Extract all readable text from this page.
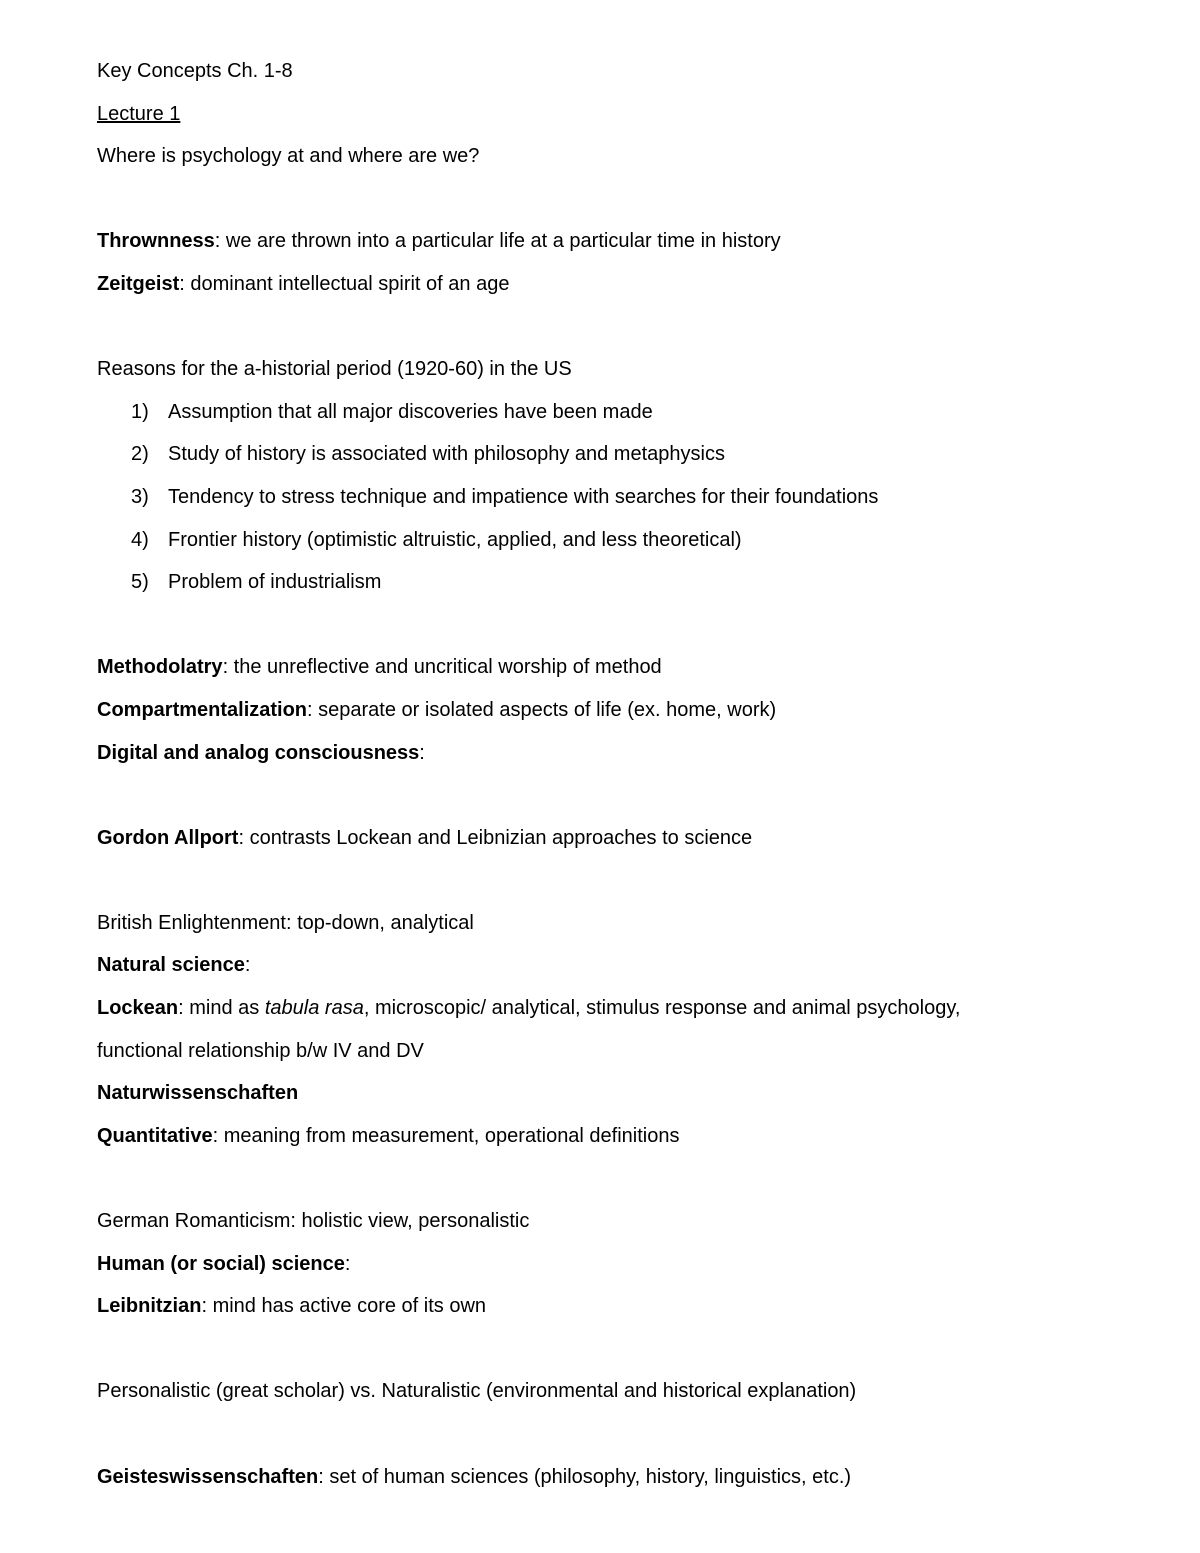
Key Concepts Ch. 1-8
Lecture 1
Where is psychology at and where are we?
Thrownness: we are thrown into a particular life at a particular time in history
Zeitgeist: dominant intellectual spirit of an age
Reasons for the a-historial period (1920-60) in the US
1) Assumption that all major discoveries have been made
2) Study of history is associated with philosophy and metaphysics
3) Tendency to stress technique and impatience with searches for their foundations
4) Frontier history (optimistic altruistic, applied, and less theoretical)
5) Problem of industrialism
Methodolatry: the unreflective and uncritical worship of method
Compartmentalization: separate or isolated aspects of life (ex. home, work)
Digital and analog consciousness:
Gordon Allport: contrasts Lockean and Leibnizian approaches to science
British Enlightenment: top-down, analytical
Natural science:
Lockean: mind as tabula rasa, microscopic/ analytical, stimulus response and animal psychology,
functional relationship b/w IV and DV
Naturwissenschaften
Quantitative: meaning from measurement, operational definitions
German Romanticism: holistic view, personalistic
Human (or social) science:
Leibnitzian: mind has active core of its own
Personalistic (great scholar) vs. Naturalistic (environmental and historical explanation)
Geisteswissenschaften: set of human sciences (philosophy, history, linguistics, etc.)
